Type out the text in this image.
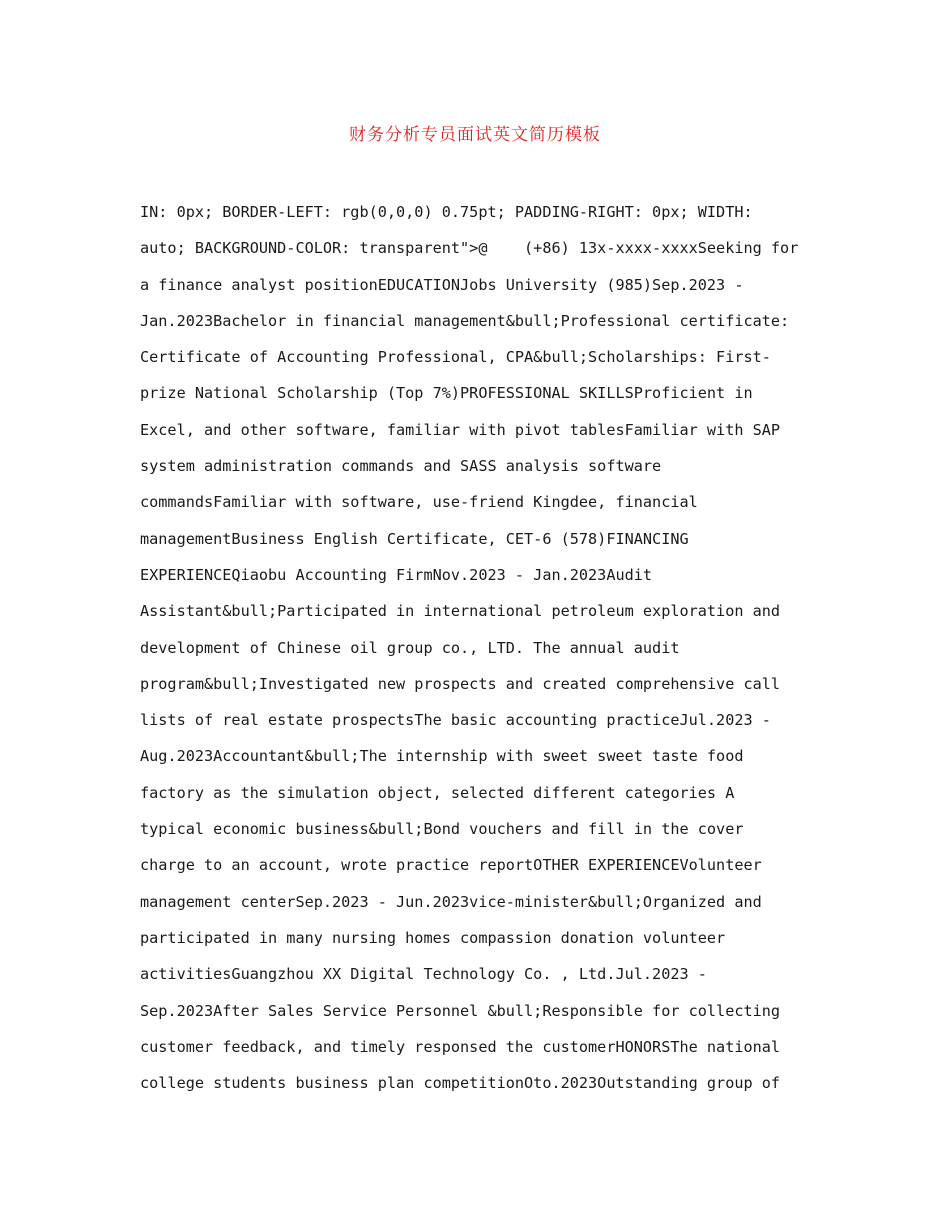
财务分析专员面试英文简历模板
IN: 0px; BORDER-LEFT: rgb(0,0,0) 0.75pt; PADDING-RIGHT: 0px; WIDTH:
auto; BACKGROUND-COLOR: transparent">@    (+86) 13x-xxxx-xxxxSeeking for
a finance analyst positionEDUCATIONJobs University (985)Sep.2023 -
Jan.2023Bachelor in financial management&bull;Professional certificate:
Certificate of Accounting Professional, CPA&bull;Scholarships: First-
prize National Scholarship (Top 7%)PROFESSIONAL SKILLSProficient in
Excel, and other software, familiar with pivot tablesFamiliar with SAP
system administration commands and SASS analysis software
commandsFamiliar with software, use-friend Kingdee, financial
managementBusiness English Certificate, CET-6 (578)FINANCING
EXPERIENCEQiaobu Accounting FirmNov.2023 - Jan.2023Audit
Assistant&bull;Participated in international petroleum exploration and
development of Chinese oil group co., LTD. The annual audit
program&bull;Investigated new prospects and created comprehensive call
lists of real estate prospectsThe basic accounting practiceJul.2023 -
Aug.2023Accountant&bull;The internship with sweet sweet taste food
factory as the simulation object, selected different categories A
typical economic business&bull;Bond vouchers and fill in the cover
charge to an account, wrote practice reportOTHER EXPERIENCEVolunteer
management centerSep.2023 - Jun.2023vice-minister&bull;Organized and
participated in many nursing homes compassion donation volunteer
activitiesGuangzhou XX Digital Technology Co. , Ltd.Jul.2023 -
Sep.2023After Sales Service Personnel &bull;Responsible for collecting
customer feedback, and timely responsed the customerHONORSThe national
college students business plan competitionOto.2023Outstanding group of
